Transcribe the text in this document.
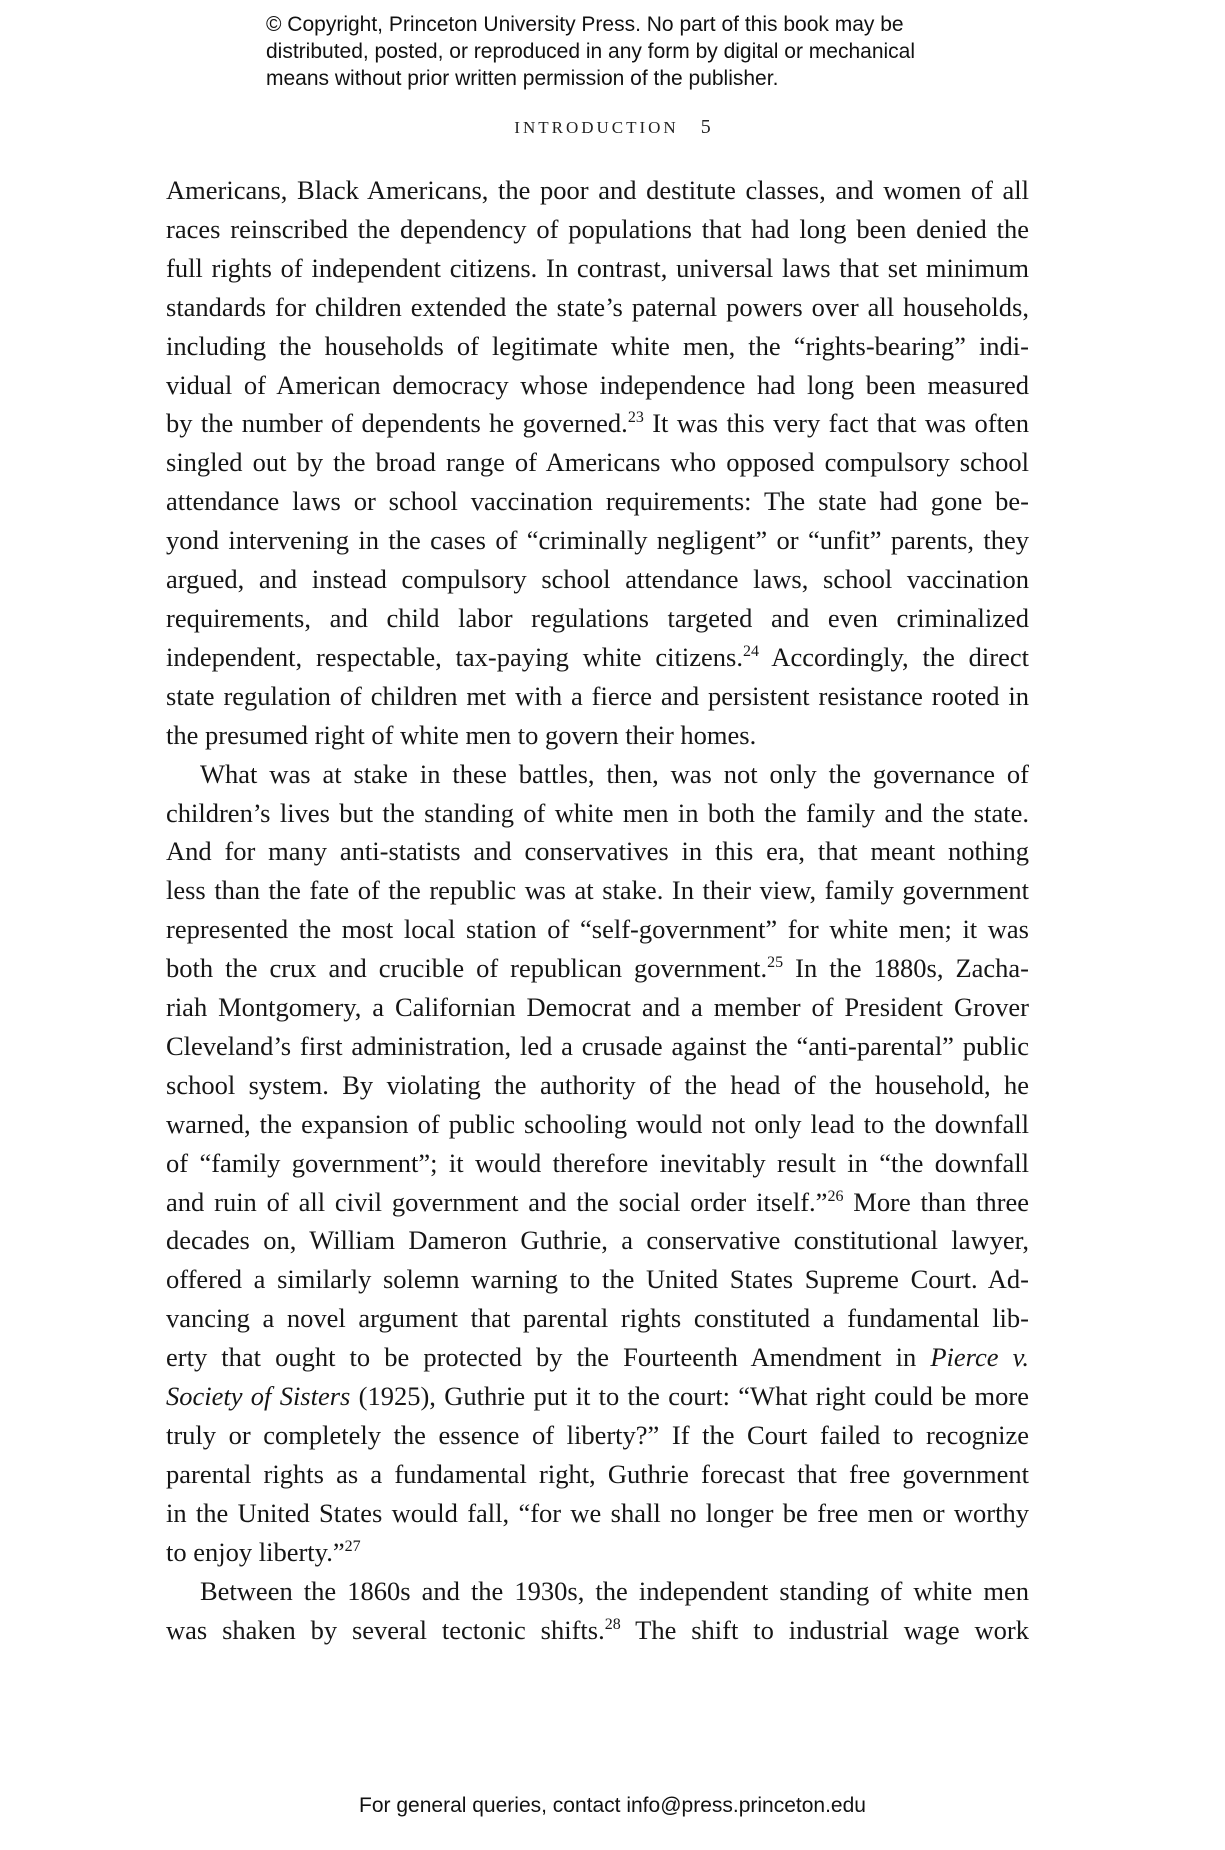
© Copyright, Princeton University Press. No part of this book may be
distributed, posted, or reproduced in any form by digital or mechanical
means without prior written permission of the publisher.
INTRODUCTION 5

Americans, Black Americans, the poor and destitute classes, and women of all
races reinscribed the dependency of populations that had long been denied the
full rights of independent citizens. In contrast, universal laws that set minimum
standards for children extended the state’s paternal powers over all households,
including the households of legitimate white men, the “rights-bearing” indi-
vidual of American democracy whose independence had long been measured
by the number of dependents he governed.$^{23}$ It was this very fact that was often
singled out by the broad range of Americans who opposed compulsory school
attendance laws or school vaccination requirements: The state had gone be-
yond intervening in the cases of “criminally negligent” or “unfit” parents, they
argued, and instead compulsory school attendance laws, school vaccination
requirements, and child labor regulations targeted and even criminalized
independent, respectable, tax-paying white citizens.$^{24}$ Accordingly, the direct
state regulation of children met with a fierce and persistent resistance rooted in
the presumed right of white men to govern their homes.

What was at stake in these battles, then, was not only the governance of
children’s lives but the standing of white men in both the family and the state.
And for many anti-statists and conservatives in this era, that meant nothing
less than the fate of the republic was at stake. In their view, family government
represented the most local station of “self-government” for white men; it was
both the crux and crucible of republican government.$^{25}$ In the 1880s, Zacha-
riah Montgomery, a Californian Democrat and a member of President Grover
Cleveland’s first administration, led a crusade against the “anti-parental” public
school system. By violating the authority of the head of the household, he
warned, the expansion of public schooling would not only lead to the downfall
of “family government”; it would therefore inevitably result in “the downfall
and ruin of all civil government and the social order itself.”$^{26}$ More than three
decades on, William Dameron Guthrie, a conservative constitutional lawyer,
offered a similarly solemn warning to the United States Supreme Court. Ad-
vancing a novel argument that parental rights constituted a fundamental lib-
erty that ought to be protected by the Fourteenth Amendment in Pierce v.
Society of Sisters (1925), Guthrie put it to the court: “What right could be more
truly or completely the essence of liberty?” If the Court failed to recognize
parental rights as a fundamental right, Guthrie forecast that free government
in the United States would fall, “for we shall no longer be free men or worthy
to enjoy liberty.”$^{27}$

Between the 1860s and the 1930s, the independent standing of white men
was shaken by several tectonic shifts.$^{28}$ The shift to industrial wage work

For general queries, contact info@press.princeton.edu
